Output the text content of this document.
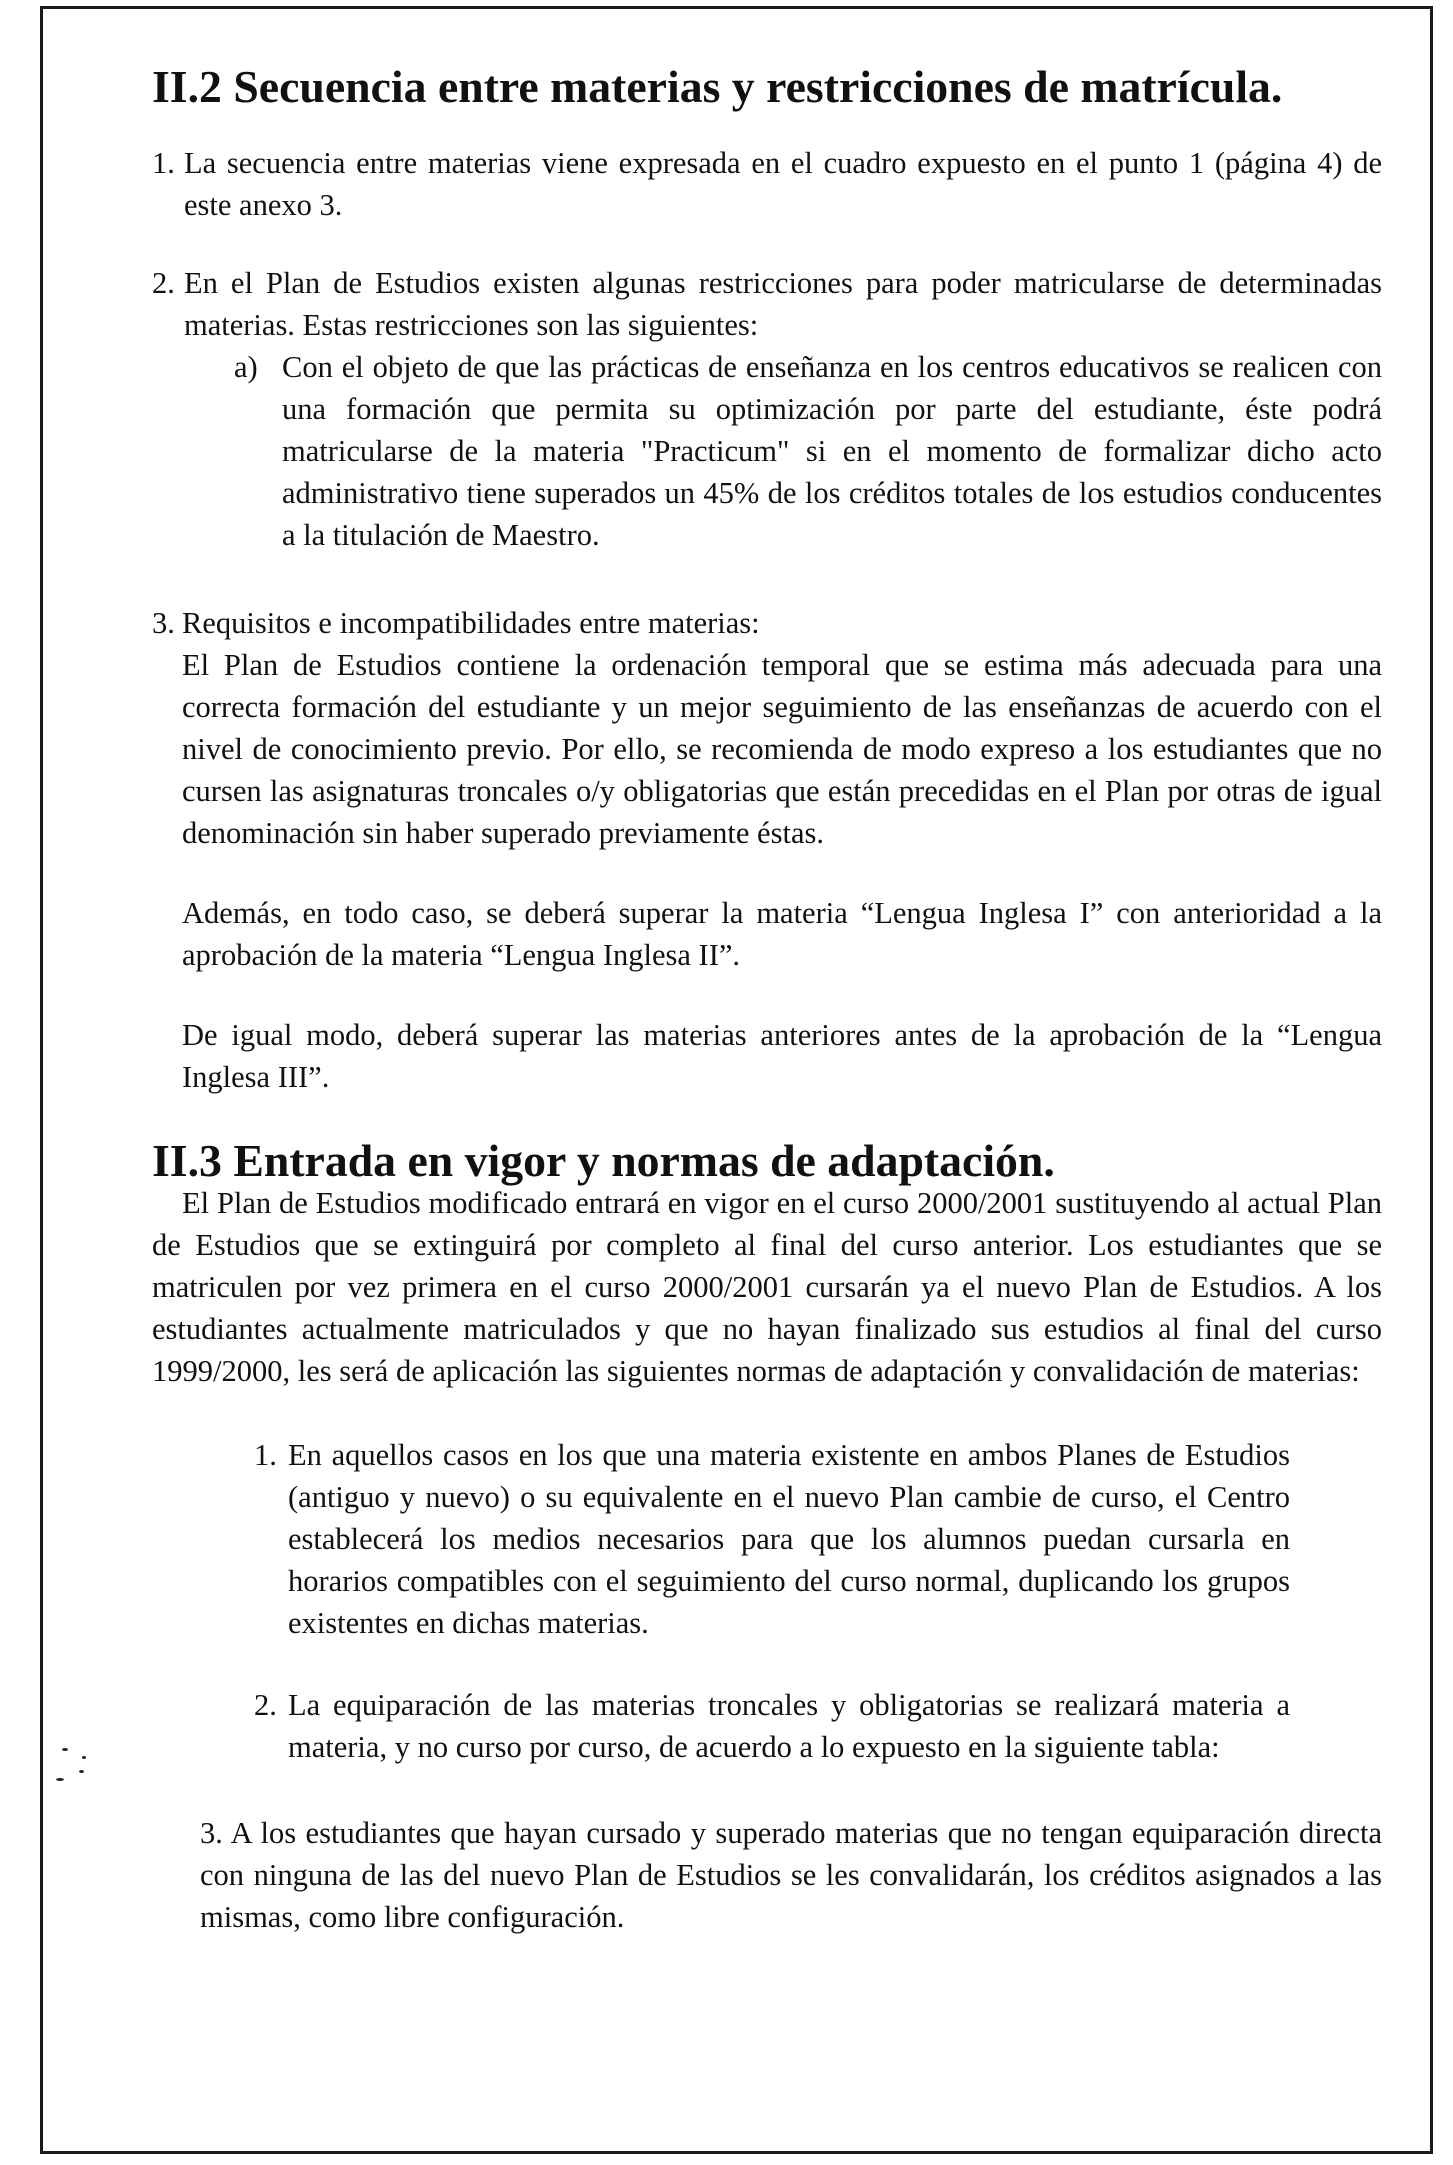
II.2 Secuencia entre materias y restricciones de matrícula.
1. La secuencia entre materias viene expresada en el cuadro expuesto en el punto 1 (página 4) de este anexo 3.
2. En el Plan de Estudios existen algunas restricciones para poder matricularse de determinadas materias. Estas restricciones son las siguientes:
a) Con el objeto de que las prácticas de enseñanza en los centros educativos se realicen con una formación que permita su optimización por parte del estudiante, éste podrá matricularse de la materia "Practicum" si en el momento de formalizar dicho acto administrativo tiene superados un 45% de los créditos totales de los estudios conducentes a la titulación de Maestro.
3. Requisitos e incompatibilidades entre materias:

El Plan de Estudios contiene la ordenación temporal que se estima más adecuada para una correcta formación del estudiante y un mejor seguimiento de las enseñanzas de acuerdo con el nivel de conocimiento previo. Por ello, se recomienda de modo expreso a los estudiantes que no cursen las asignaturas troncales o/y obligatorias que están precedidas en el Plan por otras de igual denominación sin haber superado previamente éstas.

Además, en todo caso, se deberá superar la materia “Lengua Inglesa I” con anterioridad a la aprobación de la materia “Lengua Inglesa II”.

De igual modo, deberá superar las materias anteriores antes de la aprobación de la “Lengua Inglesa III”.

II.3 Entrada en vigor y normas de adaptación.

El Plan de Estudios modificado entrará en vigor en el curso 2000/2001 sustituyendo al actual Plan de Estudios que se extinguirá por completo al final del curso anterior. Los estudiantes que se matriculen por vez primera en el curso 2000/2001 cursarán ya el nuevo Plan de Estudios. A los estudiantes actualmente matriculados y que no hayan finalizado sus estudios al final del curso 1999/2000, les será de aplicación las siguientes normas de adaptación y convalidación de materias:

1. En aquellos casos en los que una materia existente en ambos Planes de Estudios (antiguo y nuevo) o su equivalente en el nuevo Plan cambie de curso, el Centro establecerá los medios necesarios para que los alumnos puedan cursarla en horarios compatibles con el seguimiento del curso normal, duplicando los grupos existentes en dichas materias.
2. La equiparación de las materias troncales y obligatorias se realizará materia a materia, y no curso por curso, de acuerdo a lo expuesto en la siguiente tabla:

3. A los estudiantes que hayan cursado y superado materias que no tengan equiparación directa con ninguna de las del nuevo Plan de Estudios se les convalidarán, los créditos asignados a las mismas, como libre configuración.
